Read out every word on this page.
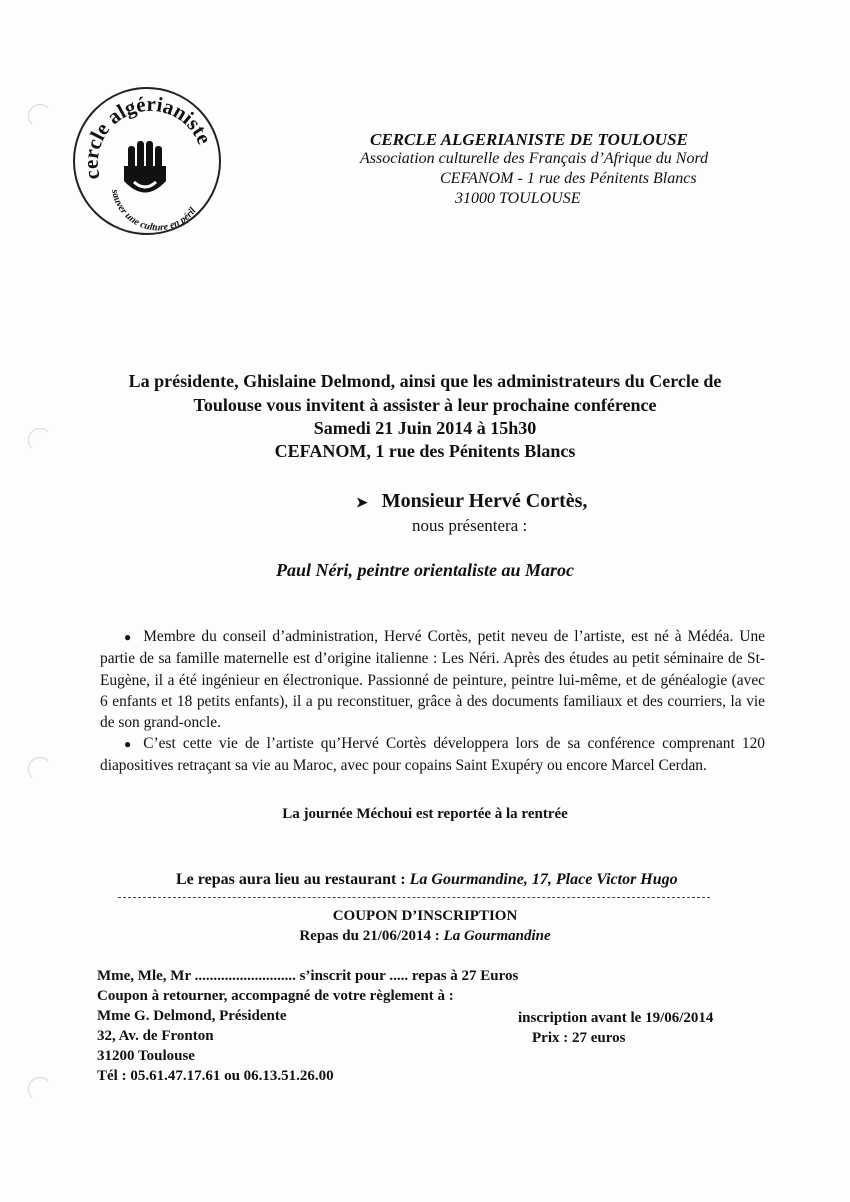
cercle algérianiste
sauver une culture en péril
CERCLE ALGERIANISTE DE TOULOUSE
Association culturelle des Français d’Afrique du Nord
CEFANOM - 1 rue des Pénitents Blancs
31000 TOULOUSE
La présidente, Ghislaine Delmond, ainsi que les administrateurs du Cercle de
Toulouse vous invitent à assister à leur prochaine conférence
Samedi 21 Juin 2014 à 15h30
CEFANOM, 1 rue des Pénitents Blancs
➤ Monsieur Hervé Cortès,
nous présentera :
Paul Néri, peintre orientaliste au Maroc
● Membre du conseil d’administration, Hervé Cortès, petit neveu de l’artiste, est né à Médéa. Une partie de sa famille maternelle est d’origine italienne : Les Néri. Après des études au petit séminaire de St-Eugène, il a été ingénieur en électronique. Passionné de peinture, peintre lui-même, et de généalogie (avec 6 enfants et 18 petits enfants), il a pu reconstituer, grâce à des documents familiaux et des courriers, la vie de son grand-oncle.
● C’est cette vie de l’artiste qu’Hervé Cortès développera lors de sa conférence comprenant 120 diapositives retraçant sa vie au Maroc, avec pour copains Saint Exupéry ou encore Marcel Cerdan.
La journée Méchoui est reportée à la rentrée
Le repas aura lieu au restaurant : La Gourmandine, 17, Place Victor Hugo
COUPON D’INSCRIPTION
Repas du 21/06/2014 : La Gourmandine
Mme, Mle, Mr ........................... s’inscrit pour ..... repas à 27 Euros
Coupon à retourner, accompagné de votre règlement à :
Mme G. Delmond, Présidente
32, Av. de Fronton
31200 Toulouse
Tél : 05.61.47.17.61 ou 06.13.51.26.00
inscription avant le 19/06/2014
Prix : 27 euros
